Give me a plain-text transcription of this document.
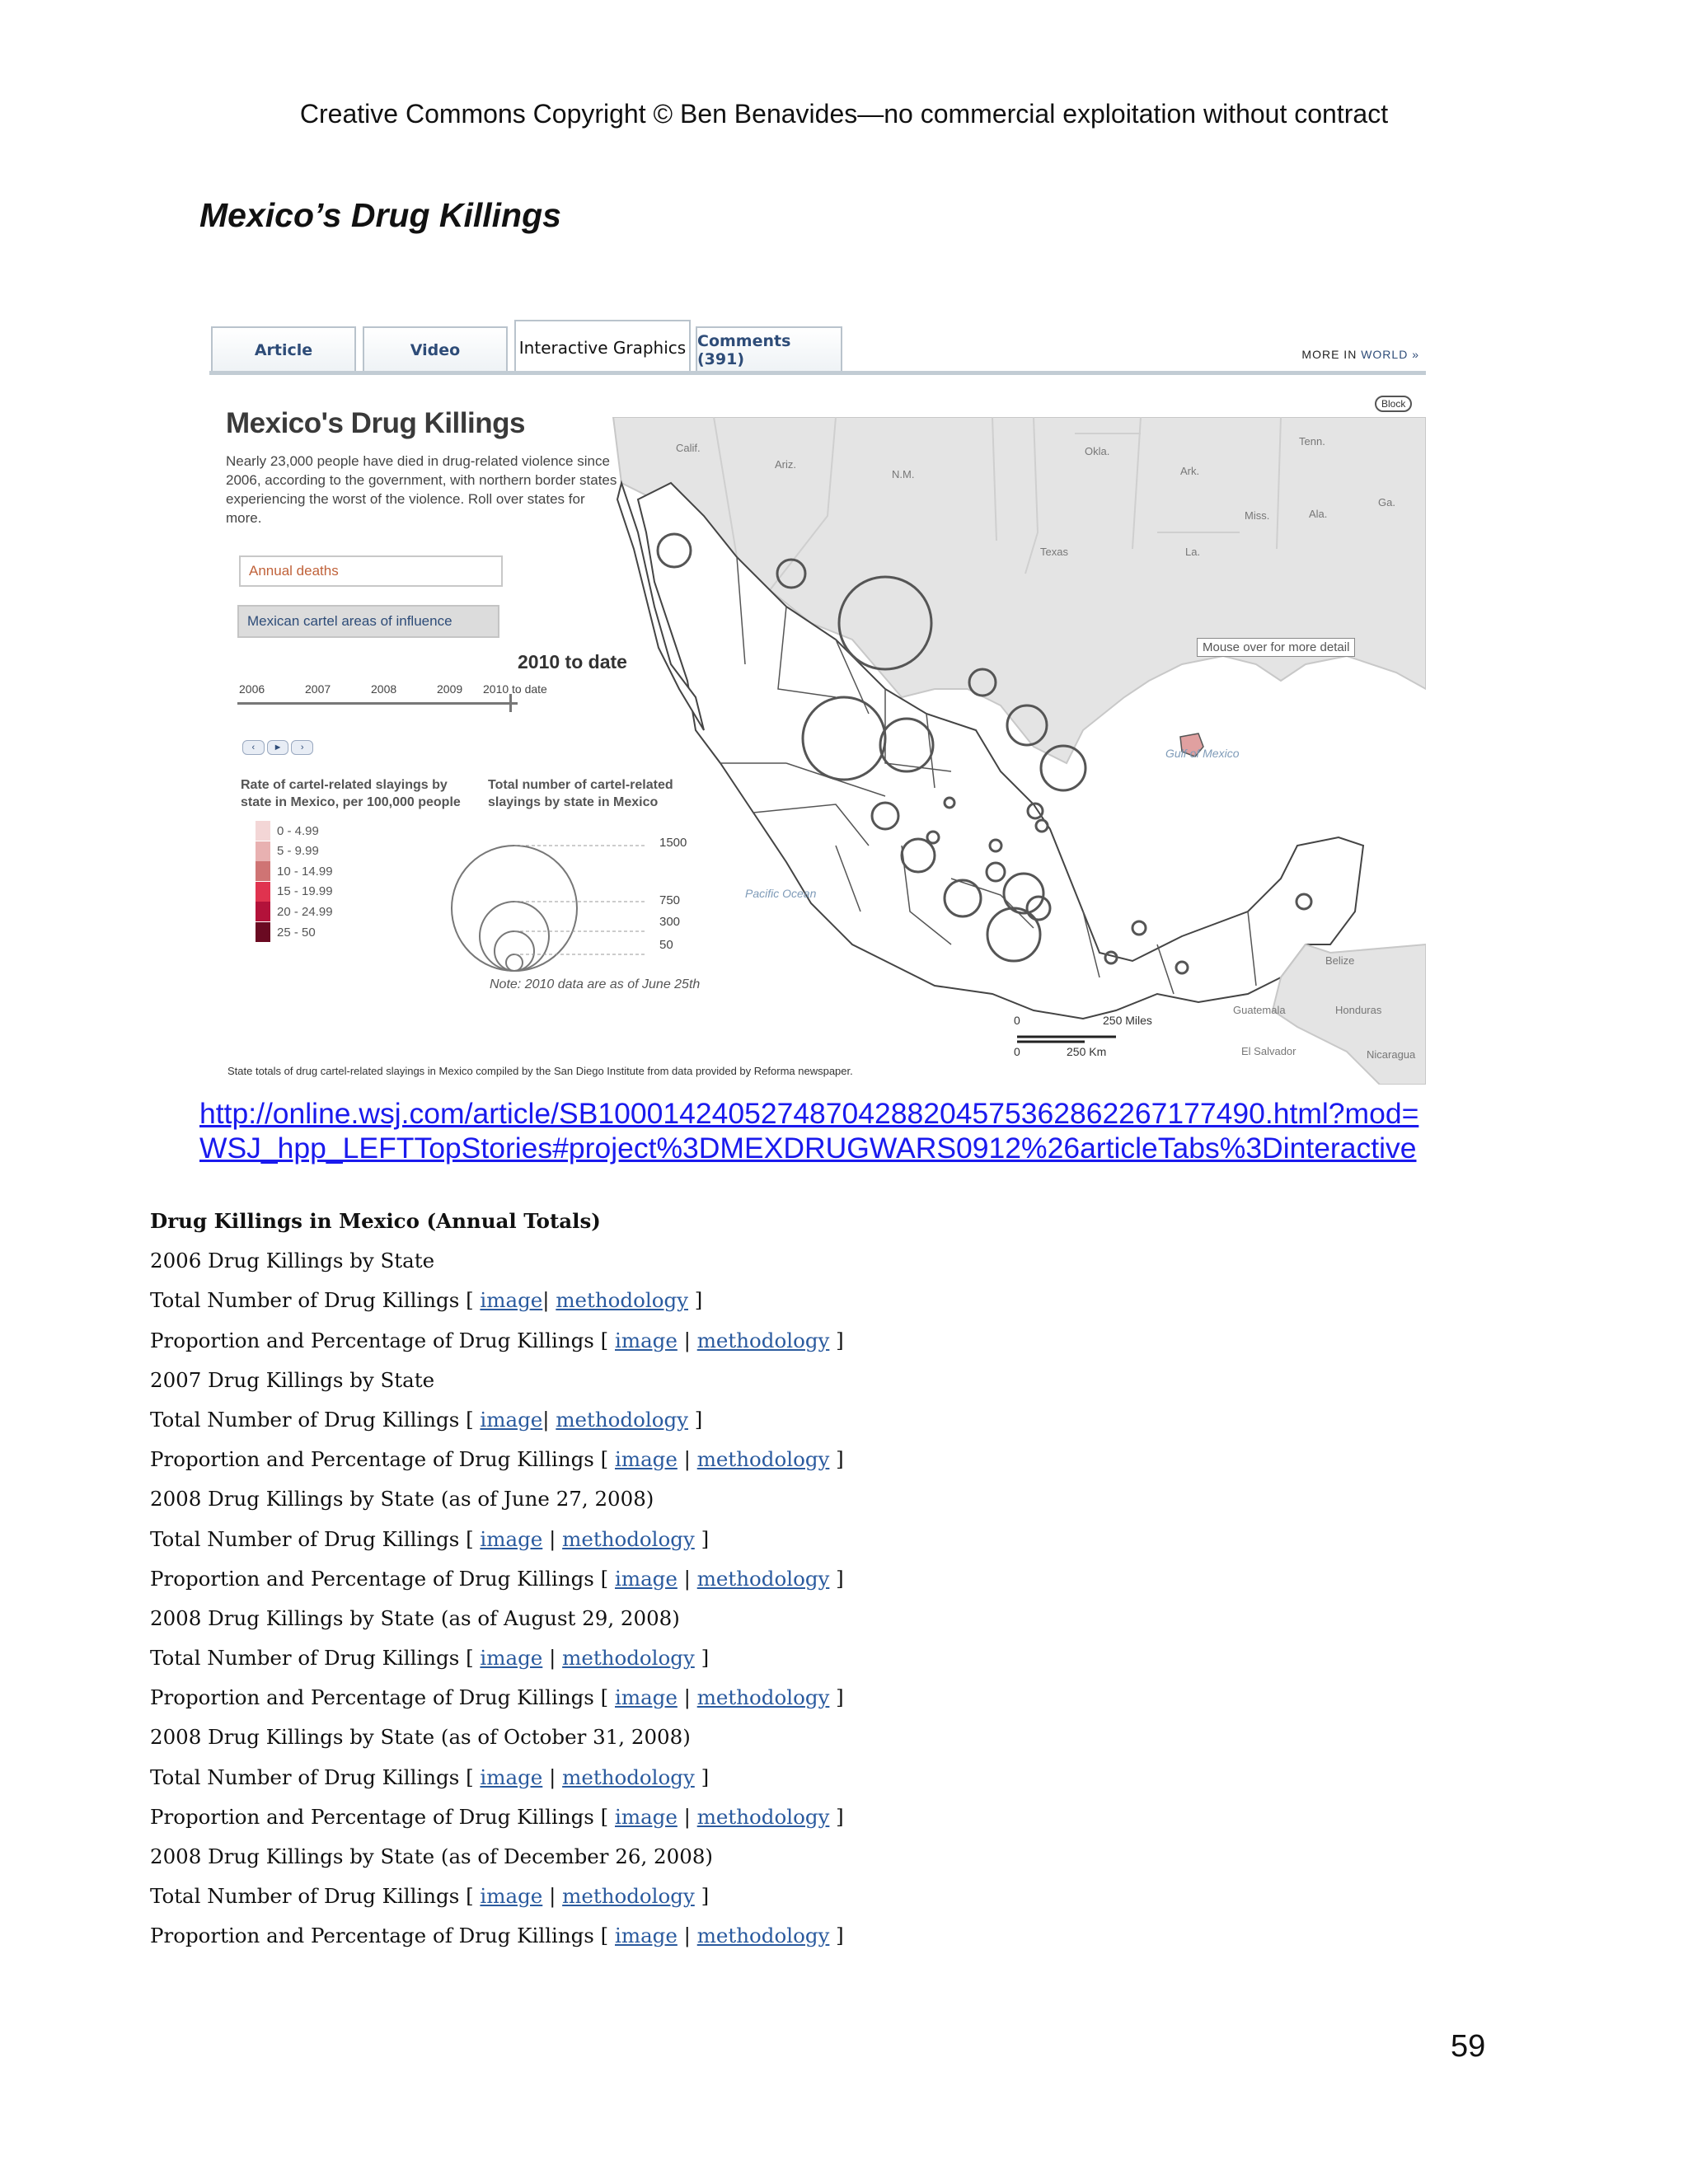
Creative Commons Copyright © Ben Benavides—no commercial exploitation without contract
Mexico’s Drug Killings
Article	Video	Interactive Graphics Comments (391)	MORE IN WORLD »
Block
Mexico's Drug Killings
Nearly 23,000 people have died in drug-related violence since 2006, according to the government, with northern border states experiencing the worst of the violence. Roll over states for more.
Annual deaths
Mexican cartel areas of influence
2010 to date
2006	2007	2008	2009 2010 to date
‹	►	›
Rate of cartel-related slayings by state in Mexico, per 100,000 people
Total number of cartel-related slayings by state in Mexico
0 - 4.99
5 - 9.99
10 - 14.99
15 - 19.99
20 - 24.99
25 - 50
1500
750
300
50
Note: 2010 data are as of June 25th
Mouse over for more detail
Calif.
Ariz.
N.M.
Okla.
Ark.
Tenn.
Miss.	Ala.
Ga.
Texas	La.
Gulf of Mexico
Pacific Ocean
Belize
Guatemala	Honduras
El Salvador	Nicaragua
0	250 Miles
0	250 Km
State totals of drug cartel-related slayings in Mexico compiled by the San Diego Institute from data provided by Reforma newspaper.
http://online.wsj.com/article/SB10001424052748704288204575362862267177490.html?mod=
WSJ_hpp_LEFTTopStories#project%3DMEXDRUGWARS0912%26articleTabs%3Dinteractive
Drug Killings in Mexico (Annual Totals)
2006 Drug Killings by State
Total Number of Drug Killings [ image| methodology ]
Proportion and Percentage of Drug Killings [ image | methodology ]
2007 Drug Killings by State
Total Number of Drug Killings [ image| methodology ]
Proportion and Percentage of Drug Killings [ image | methodology ]
2008 Drug Killings by State (as of June 27, 2008)
Total Number of Drug Killings [ image | methodology ]
Proportion and Percentage of Drug Killings [ image | methodology ]
2008 Drug Killings by State (as of August 29, 2008)
Total Number of Drug Killings [ image | methodology ]
Proportion and Percentage of Drug Killings [ image | methodology ]
2008 Drug Killings by State (as of October 31, 2008)
Total Number of Drug Killings [ image | methodology ]
Proportion and Percentage of Drug Killings [ image | methodology ]
2008 Drug Killings by State (as of December 26, 2008)
Total Number of Drug Killings [ image | methodology ]
Proportion and Percentage of Drug Killings [ image | methodology ]
59
